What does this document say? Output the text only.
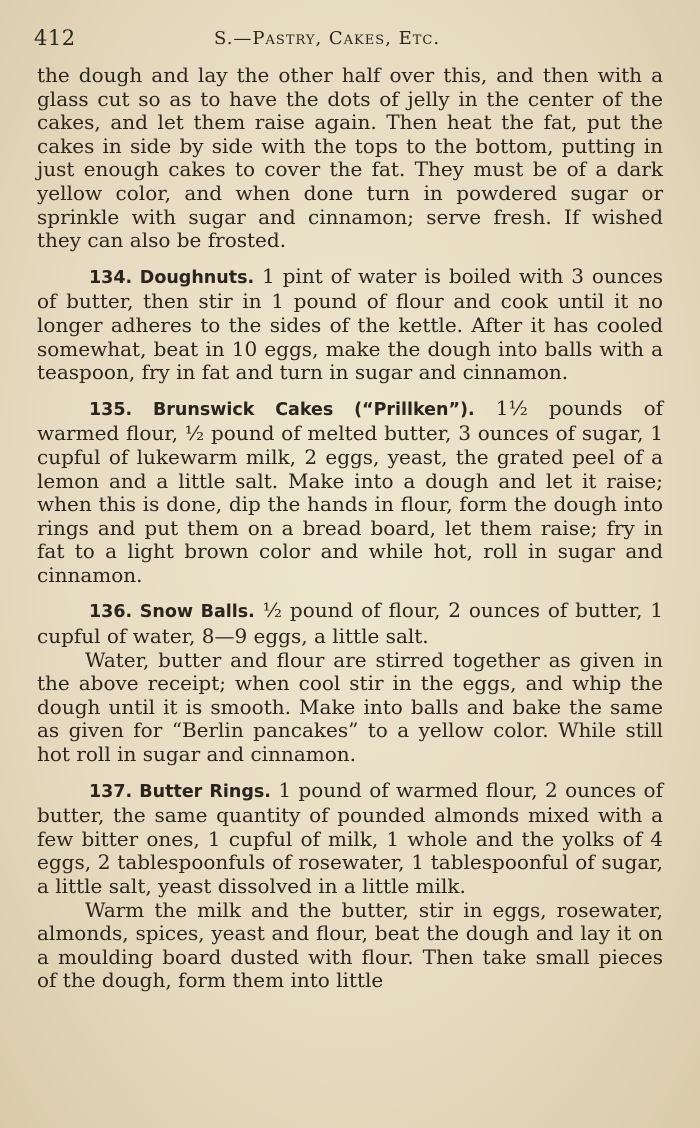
412	S.—Pastry, Cakes, Etc.

the dough and lay the other half over this, and then with a glass cut so as to have the dots of jelly in the center of the cakes, and let them raise again. Then heat the fat, put the cakes in side by side with the tops to the bottom, putting in just enough cakes to cover the fat. They must be of a dark yellow color, and when done turn in powdered sugar or sprinkle with sugar and cinnamon; serve fresh. If wished they can also be frosted.

134. Doughnuts. 1 pint of water is boiled with 3 ounces of butter, then stir in 1 pound of flour and cook until it no longer adheres to the sides of the kettle. After it has cooled somewhat, beat in 10 eggs, make the dough into balls with a teaspoon, fry in fat and turn in sugar and cinnamon.

135. Brunswick Cakes (“Prillken”). 1½ pounds of warmed flour, ½ pound of melted butter, 3 ounces of sugar, 1 cupful of lukewarm milk, 2 eggs, yeast, the grated peel of a lemon and a little salt. Make into a dough and let it raise; when this is done, dip the hands in flour, form the dough into rings and put them on a bread board, let them raise; fry in fat to a light brown color and while hot, roll in sugar and cinnamon.

136. Snow Balls. ½ pound of flour, 2 ounces of butter, 1 cupful of water, 8—9 eggs, a little salt.

Water, butter and flour are stirred together as given in the above receipt; when cool stir in the eggs, and whip the dough until it is smooth. Make into balls and bake the same as given for “Berlin pancakes” to a yellow color. While still hot roll in sugar and cinnamon.

137. Butter Rings. 1 pound of warmed flour, 2 ounces of butter, the same quantity of pounded almonds mixed with a few bitter ones, 1 cupful of milk, 1 whole and the yolks of 4 eggs, 2 tablespoonfuls of rosewater, 1 tablespoonful of sugar, a little salt, yeast dissolved in a little milk.

Warm the milk and the butter, stir in eggs, rosewater, almonds, spices, yeast and flour, beat the dough and lay it on a moulding board dusted with flour. Then take small pieces of the dough, form them into little
